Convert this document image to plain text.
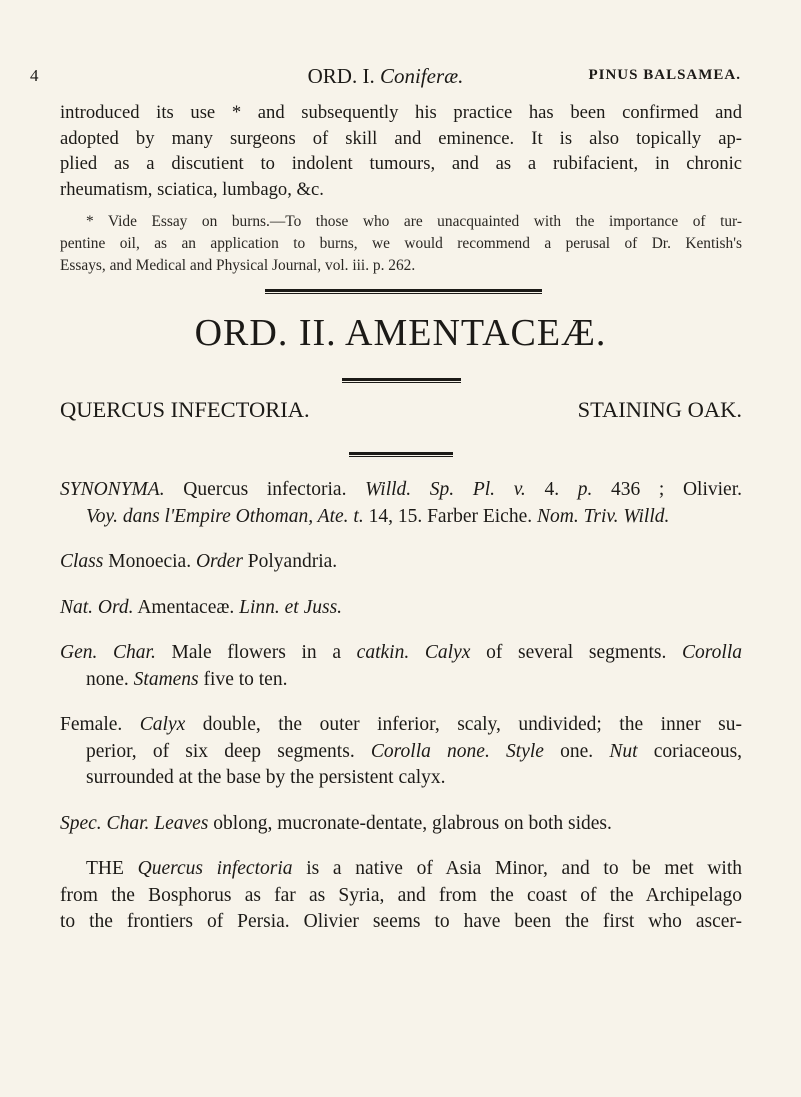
4	ORD. I. Coniferæ.	PINUS BALSAMEA.
introduced its use * and subsequently his practice has been confirmed and
adopted by many surgeons of skill and eminence. It is also topically ap-
plied as a discutient to indolent tumours, and as a rubifacient, in chronic
rheumatism, sciatica, lumbago, &c.
* Vide Essay on burns.—To those who are unacquainted with the importance of tur-
pentine oil, as an application to burns, we would recommend a perusal of Dr. Kentish's
Essays, and Medical and Physical Journal, vol. iii. p. 262.
ORD. II. AMENTACEÆ.
QUERCUS INFECTORIA.	STAINING OAK.

SYNONYMA. Quercus infectoria. Willd. Sp. Pl. v. 4. p. 436 ; Olivier.
Voy. dans l'Empire Othoman, Ate. t. 14, 15. Farber Eiche. Nom. Triv. Willd.

Class Monoecia. Order Polyandria.

Nat. Ord. Amentaceæ. Linn. et Juss.

Gen. Char. Male flowers in a catkin. Calyx of several segments. Corolla
none. Stamens five to ten.

Female. Calyx double, the outer inferior, scaly, undivided; the inner su-
perior, of six deep segments. Corolla none. Style one. Nut coriaceous,
surrounded at the base by the persistent calyx.

Spec. Char. Leaves oblong, mucronate-dentate, glabrous on both sides.

THE Quercus infectoria is a native of Asia Minor, and to be met with
from the Bosphorus as far as Syria, and from the coast of the Archipelago
to the frontiers of Persia. Olivier seems to have been the first who ascer-
